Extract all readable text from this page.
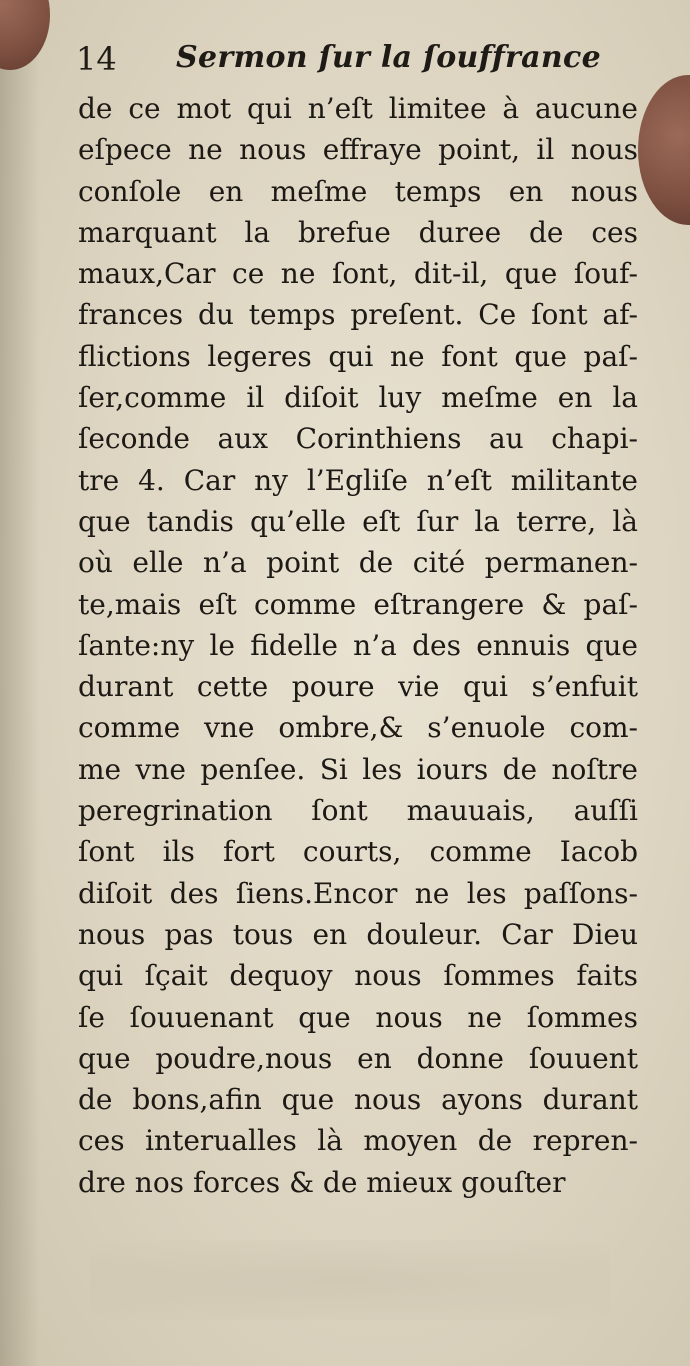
14 Sermon ſur la ſouffrance
de ce mot qui n’eſt limitee à aucune
eſpece ne nous effraye point, il nous
conſole en meſme temps en nous
marquant la brefue duree de ces
maux,Car ce ne ſont, dit-il, que ſouf-
frances du temps preſent. Ce ſont af-
flictions legeres qui ne font que paſ-
ſer,comme il diſoit luy meſme en la
ſeconde aux Corinthiens au chapi-
tre 4. Car ny l’Egliſe n’eſt militante
que tandis qu’elle eſt ſur la terre, là
où elle n’a point de cité permanen-
te,mais eſt comme eſtrangere & paſ-
ſante:ny le fidelle n’a des ennuis que
durant cette poure vie qui s’enfuit
comme vne ombre,& s’enuole com-
me vne penſee. Si les iours de noſtre
peregrination ſont mauuais, auſſi
ſont ils fort courts, comme Iacob
diſoit des ſiens.Encor ne les paſſons-
nous pas tous en douleur. Car Dieu
qui ſçait dequoy nous ſommes faits
ſe ſouuenant que nous ne ſommes
que poudre,nous en donne ſouuent
de bons,afin que nous ayons durant
ces interualles là moyen de repren-
dre nos forces & de mieux gouſter
